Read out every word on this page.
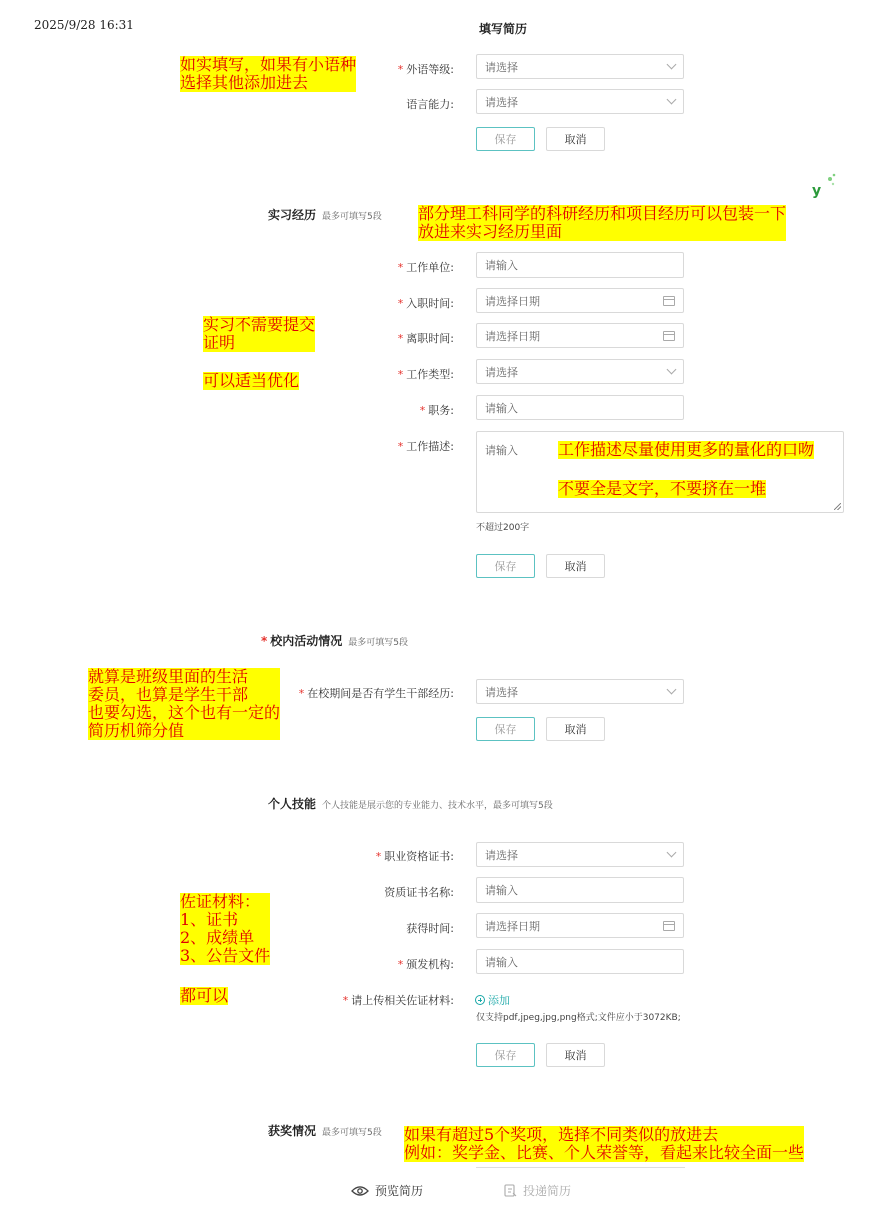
2025/9/28 16:31	填写简历
* 外语等级:	请选择
语言能力:	请选择
保存	取消
y
实习经历 最多可填写5段
* 工作单位:	请输入
* 入职时间:	请选择日期
* 离职时间:	请选择日期
* 工作类型:	请选择
* 职务:	请输入
* 工作描述:	请输入
不超过200字
保存	取消
* 校内活动情况 最多可填写5段
* 在校期间是否有学生干部经历:	请选择
保存	取消
个人技能 个人技能是展示您的专业能力、技术水平，最多可填写5段
* 职业资格证书:	请选择
资质证书名称:	请输入
获得时间:	请选择日期
* 颁发机构:	请输入
* 请上传相关佐证材料:	添加
仅支持pdf,jpeg,jpg,png格式;文件应小于3072KB;
保存	取消
获奖情况 最多可填写5段
预览简历	投递简历
如实填写，如果有小语种
选择其他添加进去
部分理工科同学的科研经历和项目经历可以包装一下
放进来实习经历里面
实习不需要提交
证明
可以适当优化
工作描述尽量使用更多的量化的口吻
不要全是文字，不要挤在一堆
就算是班级里面的生活
委员，也算是学生干部
也要勾选，这个也有一定的
简历机筛分值
佐证材料：
1、证书
2、成绩单
3、公告文件
都可以
如果有超过5个奖项，选择不同类似的放进去
例如：奖学金、比赛、个人荣誉等，看起来比较全面一些
